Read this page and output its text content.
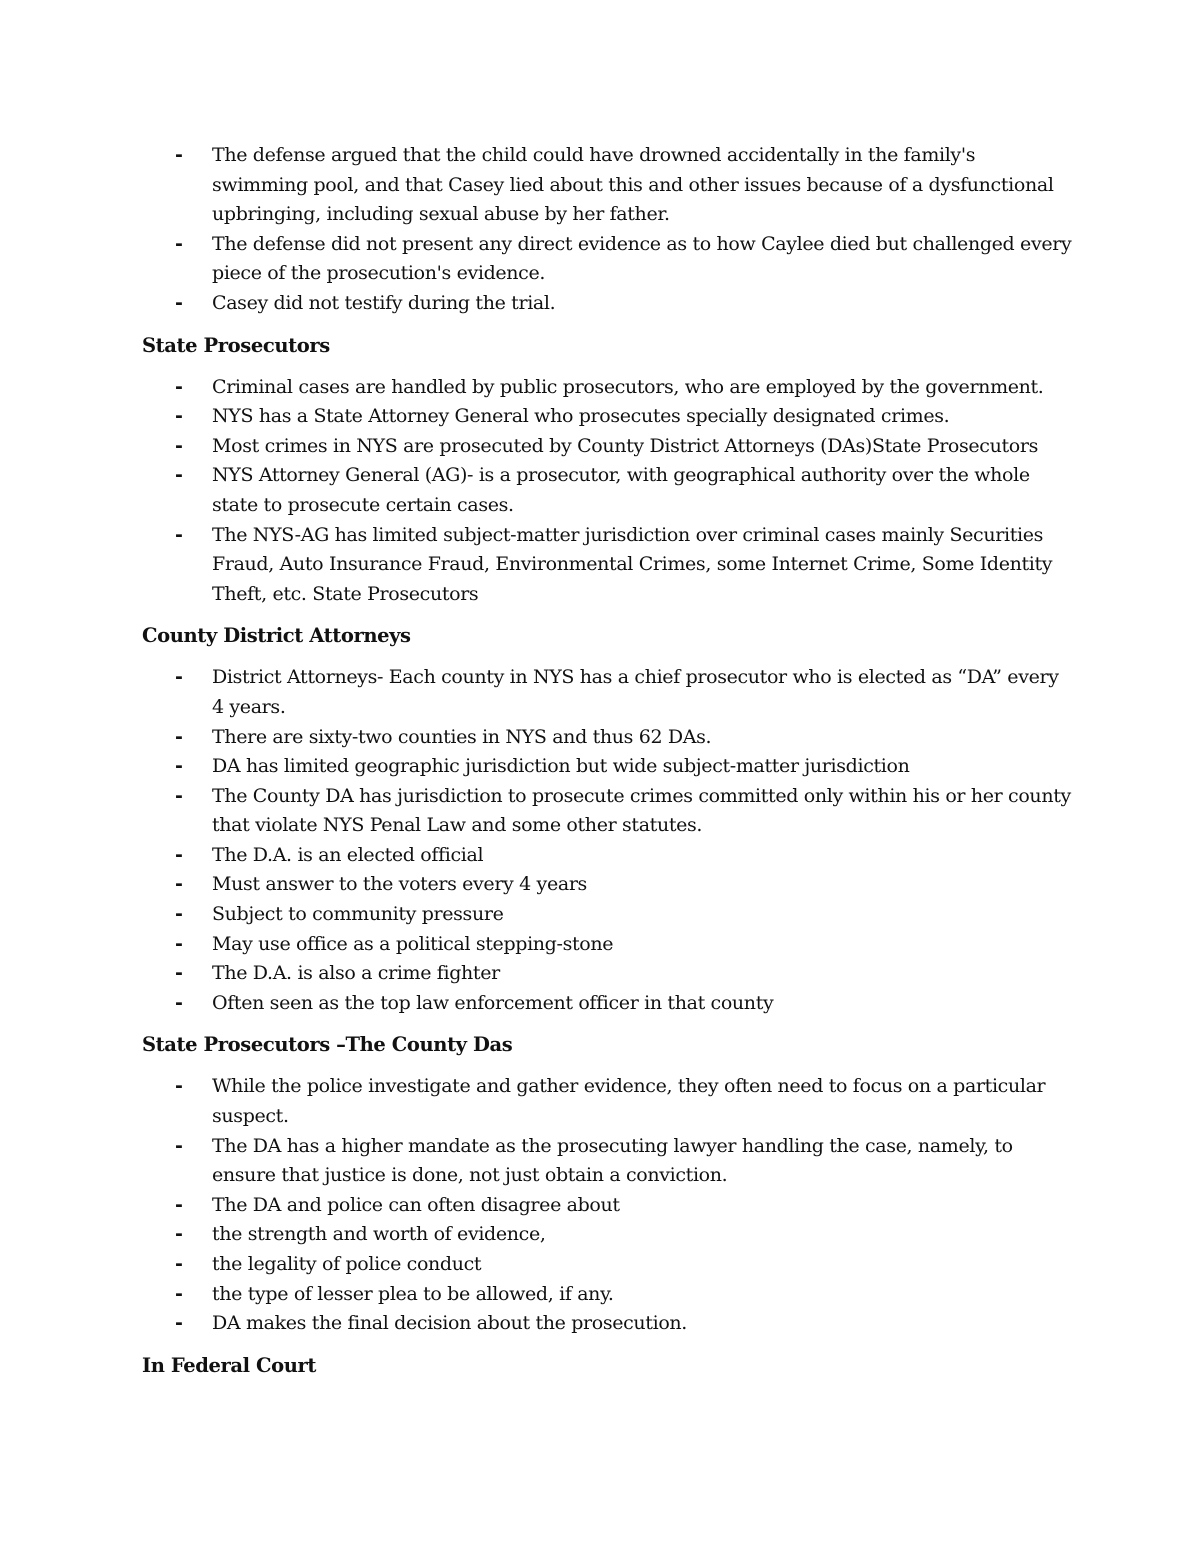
- The defense argued that the child could have drowned accidentally in the family's swimming pool, and that Casey lied about this and other issues because of a dysfunctional upbringing, including sexual abuse by her father.
- The defense did not present any direct evidence as to how Caylee died but challenged every piece of the prosecution's evidence.
- Casey did not testify during the trial.
State Prosecutors
- Criminal cases are handled by public prosecutors, who are employed by the government.
- NYS has a State Attorney General who prosecutes specially designated crimes.
- Most crimes in NYS are prosecuted by County District Attorneys (DAs)State Prosecutors
- NYS Attorney General (AG)- is a prosecutor, with geographical authority over the whole state to prosecute certain cases.
- The NYS-AG has limited subject-matter jurisdiction over criminal cases mainly Securities Fraud, Auto Insurance Fraud, Environmental Crimes, some Internet Crime, Some Identity Theft, etc. State Prosecutors
County District Attorneys
- District Attorneys- Each county in NYS has a chief prosecutor who is elected as “DA” every 4 years.
- There are sixty-two counties in NYS and thus 62 DAs.
- DA has limited geographic jurisdiction but wide subject-matter jurisdiction
- The County DA has jurisdiction to prosecute crimes committed only within his or her county that violate NYS Penal Law and some other statutes.
- The D.A. is an elected official
- Must answer to the voters every 4 years
- Subject to community pressure
- May use office as a political stepping-stone
- The D.A. is also a crime fighter
- Often seen as the top law enforcement officer in that county
State Prosecutors –The County Das
- While the police investigate and gather evidence, they often need to focus on a particular suspect.
- The DA has a higher mandate as the prosecuting lawyer handling the case, namely, to ensure that justice is done, not just obtain a conviction.
- The DA and police can often disagree about
- the strength and worth of evidence,
- the legality of police conduct
- the type of lesser plea to be allowed, if any.
- DA makes the final decision about the prosecution.
In Federal Court
